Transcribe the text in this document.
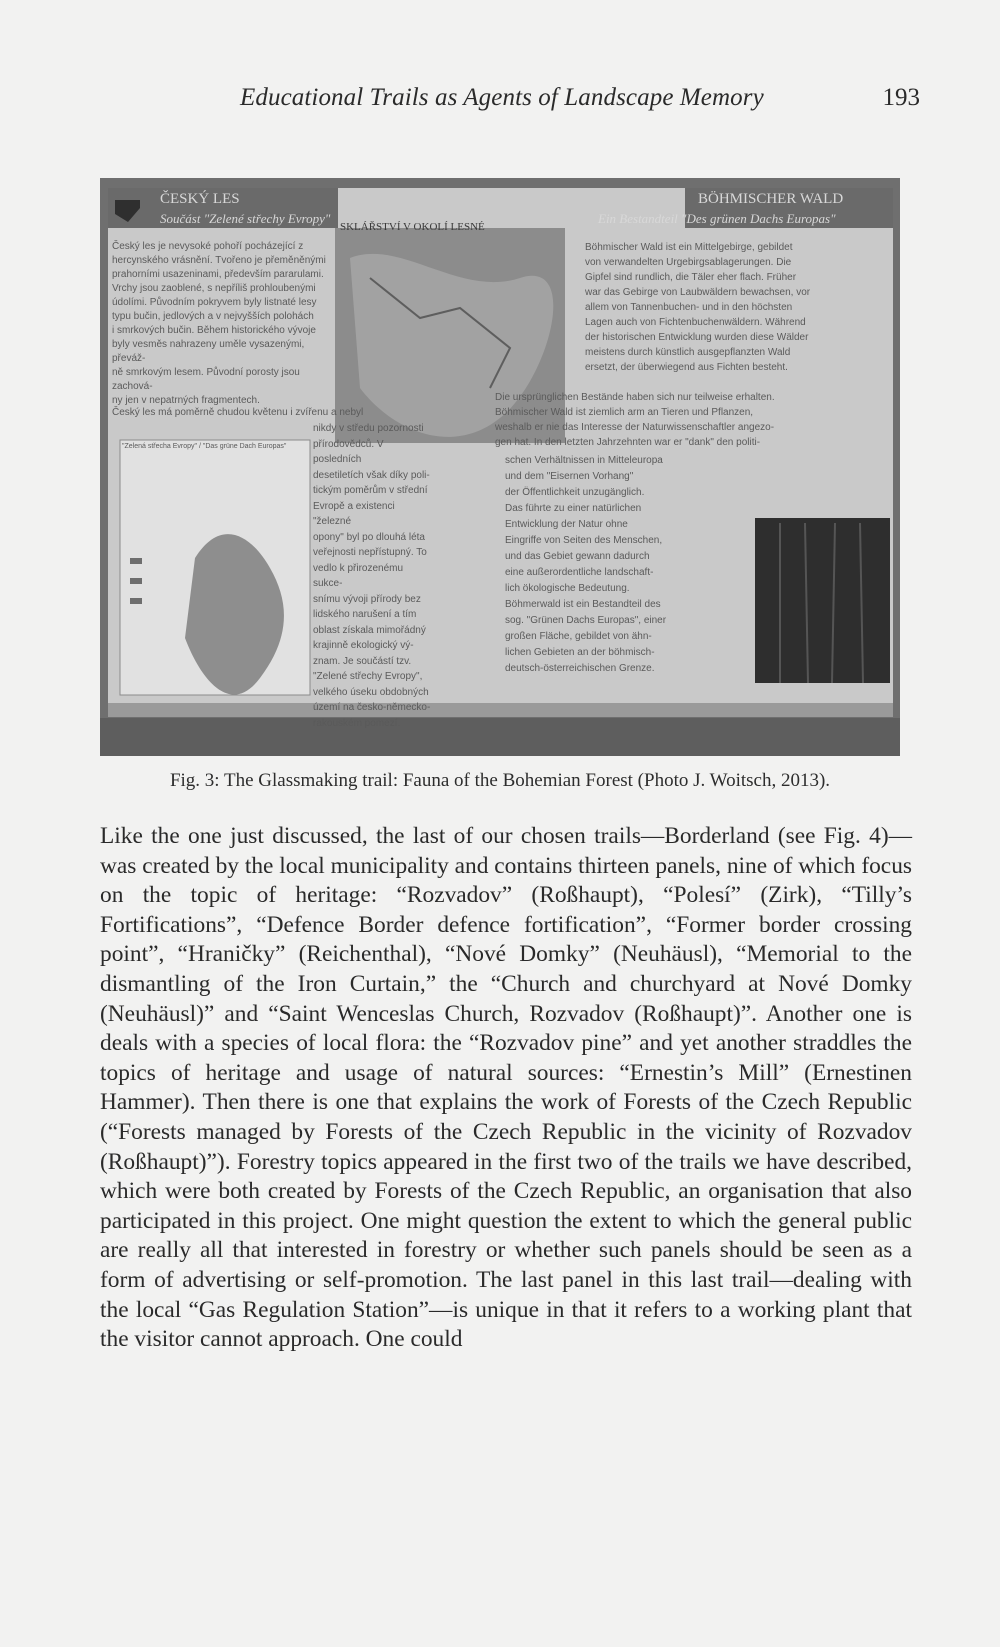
Educational Trails as Agents of Landscape Memory	193
ČESKÝ LES
Součást "Zelené střechy Evropy"
SKLÁŘSTVÍ V OKOLÍ LESNÉ
BÖHMISCHER WALD
Ein Bestandteil "Des grünen Dachs Europas"
Český les je nevysoké pohoří pocházející z
hercynského vrásnění. Tvořeno je přeměněnými
prahorními usazeninami, především pararulami.
Vrchy jsou zaoblené, s nepříliš prohloubenými
údolími. Původním pokryvem byly listnaté lesy
typu bučin, jedlových a v nejvyšších polohách
i smrkových bučin. Během historického vývoje
byly vesměs nahrazeny uměle vysazenými, převáž-
ně smrkovým lesem. Původní porosty jsou zachová-
ny jen v nepatrných fragmentech.
Český les má poměrně chudou květenu i zvířenu a nebyl
nikdy v středu pozornosti
přírodovědců. V posledních
desetiletích však díky poli-
tickým poměrům v střední
Evropě a existenci "železné
opony" byl po dlouhá léta
veřejnosti nepřístupný. To
vedlo k přirozenému sukce-
snímu vývoji přírody bez
lidského narušení a tím
oblast získala mimořádný
krajinně ekologický vý-
znam. Je součástí tzv.
"Zelené střechy Evropy",
velkého úseku obdobných
území na česko-německo-
rakouském pomezí.
"Zelená střecha Evropy" / "Das grüne Dach Europas"
Böhmischer Wald ist ein Mittelgebirge, gebildet
von verwandelten Urgebirgsablagerungen. Die
Gipfel sind rundlich, die Täler eher flach. Früher
war das Gebirge von Laubwäldern bewachsen, vor
allem von Tannenbuchen- und in den höchsten
Lagen auch von Fichtenbuchenwäldern. Während
der historischen Entwicklung wurden diese Wälder
meistens durch künstlich ausgepflanzten Wald
ersetzt, der überwiegend aus Fichten besteht.
Die ursprünglichen Bestände haben sich nur teilweise erhalten.
Böhmischer Wald ist ziemlich arm an Tieren und Pflanzen,
weshalb er nie das Interesse der Naturwissenschaftler angezo-
gen hat. In den letzten Jahrzehnten war er "dank" den politi-
schen Verhältnissen in Mitteleuropa
und dem "Eisernen Vorhang"
der Öffentlichkeit unzugänglich.
Das führte zu einer natürlichen
Entwicklung der Natur ohne
Eingriffe von Seiten des Menschen,
und das Gebiet gewann dadurch
eine außerordentliche landschaft-
lich ökologische Bedeutung.
Böhmerwald ist ein Bestandteil des
sog. "Grünen Dachs Europas", einer
großen Fläche, gebildet von ähn-
lichen Gebieten an der böhmisch-
deutsch-österreichischen Grenze.
Fig. 3: The Glassmaking trail: Fauna of the Bohemian Forest (Photo J. Woitsch, 2013).

Like the one just discussed, the last of our chosen trails—Borderland (see Fig. 4)—was created by the local municipality and contains thirteen panels, nine of which focus on the topic of heritage: “Rozvadov” (Roßhaupt), “Polesí” (Zirk), “Tilly’s Fortifications”, “Defence Border defence fortification”, “Former border crossing point”, “Hraničky” (Reichenthal), “Nové Domky” (Neuhäusl), “Memorial to the dismantling of the Iron Curtain,” the “Church and churchyard at Nové Domky (Neuhäusl)” and “Saint Wenceslas Church, Rozvadov (Roßhaupt)”. Another one is deals with a species of local flora: the “Rozvadov pine” and yet another straddles the topics of heritage and usage of natural sources: “Ernestin’s Mill” (Ernestinen Hammer). Then there is one that explains the work of Forests of the Czech Republic (“Forests managed by Forests of the Czech Republic in the vicinity of Rozvadov (Roßhaupt)”). Forestry topics appeared in the first two of the trails we have described, which were both created by Forests of the Czech Republic, an organisation that also participated in this project. One might question the extent to which the general public are really all that interested in forestry or whether such panels should be seen as a form of advertising or self-promotion. The last panel in this last trail—dealing with the local “Gas Regulation Station”—is unique in that it refers to a working plant that the visitor cannot approach. One could
